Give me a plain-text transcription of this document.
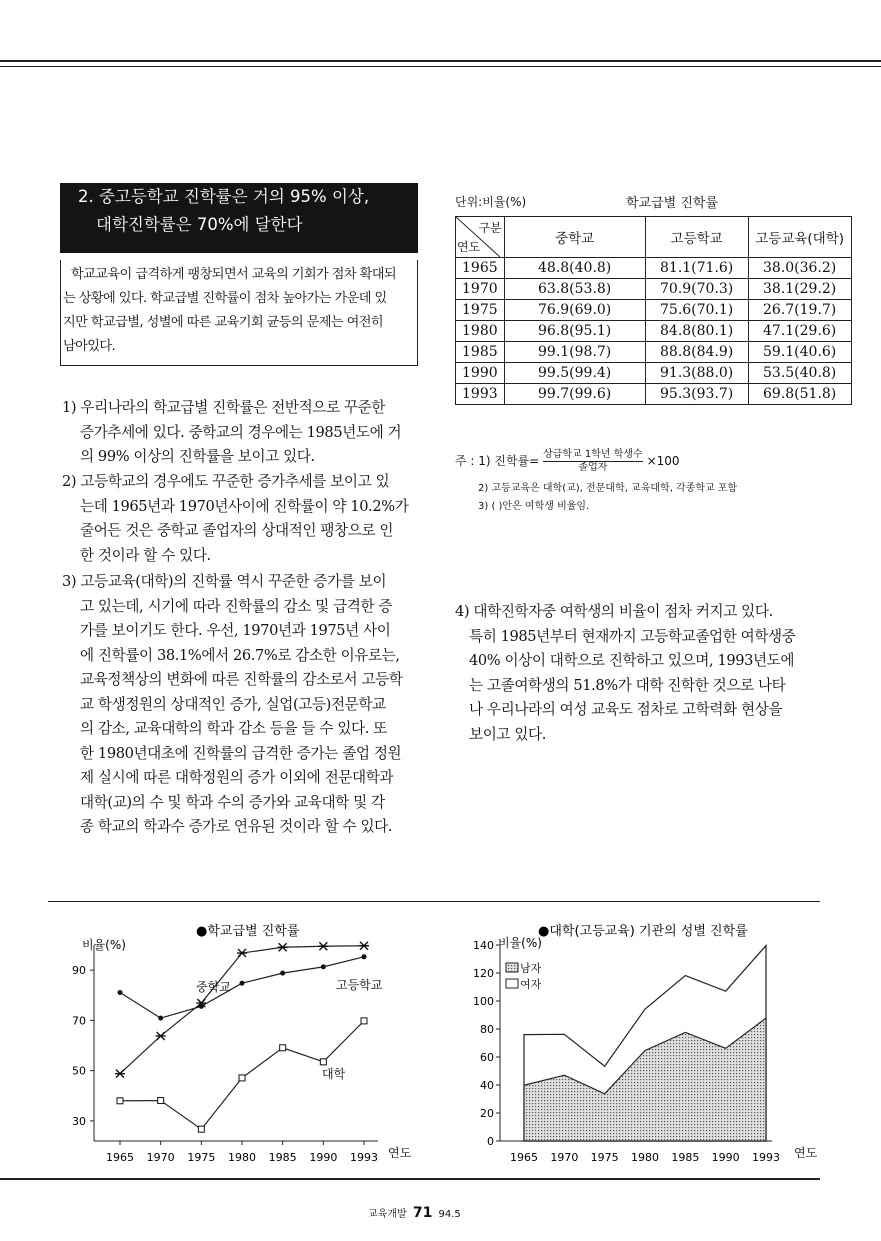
2. 중고등학교 진학률은 거의 95% 이상,
대학진학률은 70%에 달한다
학교교육이 급격하게 팽창되면서 교육의 기회가 점차 확대되
는 상황에 있다. 학교급별 진학률이 점차 높아가는 가운데 있
지만 학교급별, 성별에 따른 교육기회 균등의 문제는 여전히
남아있다.

1) 우리나라의 학교급별 진학률은 전반적으로 꾸준한

증가추세에 있다. 중학교의 경우에는 1985년도에 거

의 99% 이상의 진학률을 보이고 있다.

2) 고등학교의 경우에도 꾸준한 증가추세를 보이고 있

는데 1965년과 1970년사이에 진학률이 약 10.2%가

줄어든 것은 중학교 졸업자의 상대적인 팽창으로 인

한 것이라 할 수 있다.

3) 고등교육(대학)의 진학률 역시 꾸준한 증가를 보이

고 있는데, 시기에 따라 진학률의 감소 및 급격한 증

가를 보이기도 한다. 우선, 1970년과 1975년 사이

에 진학률이 38.1%에서 26.7%로 감소한 이유로는,

교육정책상의 변화에 따른 진학률의 감소로서 고등학

교 학생정원의 상대적인 증가, 실업(고등)전문학교

의 감소, 교육대학의 학과 감소 등을 들 수 있다. 또

한 1980년대초에 진학률의 급격한 증가는 졸업 정원

제 실시에 따른 대학정원의 증가 이외에 전문대학과

대학(교)의 수 및 학과 수의 증가와 교육대학 및 각

종 학교의 학과수 증가로 연유된 것이라 할 수 있다.

단위:비율(%)	학교급별 진학률
구분
연도	중학교	고등학교	고등교육(대학)
1965	48.8(40.8)	81.1(71.6)	38.0(36.2)
1970	63.8(53.8)	70.9(70.3)	38.1(29.2)
1975	76.9(69.0)	75.6(70.1)	26.7(19.7)
1980	96.8(95.1)	84.8(80.1)	47.1(29.6)
1985	99.1(98.7)	88.8(84.9)	59.1(40.6)
1990	99.5(99.4)	91.3(88.0)	53.5(40.8)
1993	99.7(99.6)	95.3(93.7)	69.8(51.8)
주 : 1) 진학률= 상급학교 1학년 학생수
졸업자	×100
2) 고등교육은 대학(교), 전문대학, 교육대학, 각종학교 포함
3) ( )안은 여학생 비율임.

4) 대학진학자중 여학생의 비율이 점차 커지고 있다.

특히 1985년부터 현재까지 고등학교졸업한 여학생중

40% 이상이 대학으로 진학하고 있으며, 1993년도에

는 고졸여학생의 51.8%가 대학 진학한 것으로 나타

나 우리나라의 여성 교육도 점차로 고학력화 현상을

보이고 있다.

●학교급별 진학률
비율(%)
연도
30
50
70
90
1965 1970 1975 1980 1985 1990 1993
중학교	고등학교
대학
●대학(고등교육) 기관의 성별 진학률
비율(%)
연도
0
20
40
60
80
100
120
140
1965 1970 1975 1980 1985 1990 1993
남자
여자
교육개발 71 94.5
